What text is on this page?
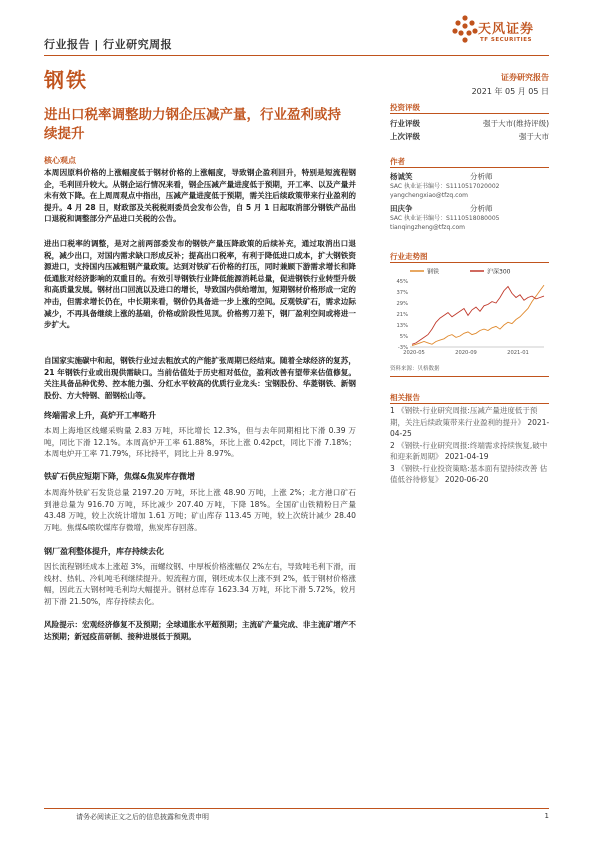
行业报告 | 行业研究周报
天风证券
TF SECURITIES
钢铁	证券研究报告
2021 年 05 月 05 日
进出口税率调整助力钢企压减产量，行业盈利或持续提升
投资评级
行业评级	强于大市(维持评级)
上次评级	强于大市
作者
杨诚笑	分析师
SAC 执业证书编号：S1110517020002
yangchengxiao@tfzq.com
田庆争	分析师
SAC 执业证书编号：S1110518080005
tianqingzheng@tfzq.com
行业走势图
钢铁	沪深300
45%
37%
29%
21%
13%
5%
-3%
2020-05	2020-09	2021-01
资料来源：贝格数据
相关报告
1 《钢铁-行业研究周报:压减产量进度低于预期，关注后续政策带来行业盈利的提升》 2021-04-25
2 《钢铁-行业研究周报:终端需求持续恢复,破中和迎来新周期》 2021-04-19
3 《钢铁-行业投资策略:基本面有望持续改善 估值低谷待修复》 2020-06-20
核心观点
本周因原料价格的上涨幅度低于钢材价格的上涨幅度，导致钢企盈利回升，特别是短流程钢企，毛利回升较大。从钢企运行情况来看，钢企压减产量进度低于预期，开工率、以及产量并未有效下降。在上周周观点中指出，压减产量进度低于预期，需关注后续政策带来行业盈利的提升。4 月 28 日，财政部及关税税则委员会发布公告，自 5 月 1 日起取消部分钢铁产品出口退税和调整部分产品进口关税的公告。
进出口税率的调整，是对之前两部委发布的钢铁产量压降政策的后续补充，通过取消出口退税，减少出口，对国内需求缺口形成反补；提高出口税率，有利于降低进口成本，扩大钢铁资源进口，支持国内压减粗钢产量政策。达到对铁矿石价格的打压，同时兼顾下游需求增长和降低通胀对经济影响的双重目的。有效引导钢铁行业降低能源消耗总量，促进钢铁行业转型升级和高质量发展。钢材出口回流以及进口的增长，导致国内供给增加，短期钢材价格形成一定的冲击，但需求增长仍在，中长期来看，钢价仍具备进一步上涨的空间。反观铁矿石，需求边际减少，不再具备继续上涨的基础，价格或阶段性见顶。价格剪刀差下，钢厂盈利空间或将进一步扩大。
自国家实施碳中和起，钢铁行业过去粗放式的产能扩张周期已经结束。随着全球经济的复苏，21 年钢铁行业或出现供需缺口。当前估值处于历史相对低位，盈利改善有望带来估值修复。关注具备品种优势、控本能力强、分红水平较高的优质行业龙头：宝钢股份、华菱钢铁、新钢股份、方大特钢、韶钢松山等。
终端需求上升，高炉开工率略升
本周上海地区线螺采购量 2.83 万吨，环比增长 12.3%，但与去年同期相比下滑 0.39 万吨，同比下滑 12.1%。本周高炉开工率 61.88%，环比上涨 0.42pct，同比下滑 7.18%；本周电炉开工率 71.79%，环比持平，同比上升 8.97%。
铁矿石供应短期下降，焦煤&焦炭库存微增
本周海外铁矿石发货总量 2197.20 万吨，环比上涨 48.90 万吨，上涨 2%；北方港口矿石到港总量为 916.70 万吨，环比减少 207.40 万吨，下降 18%。全国矿山铁精粉日产量 43.48 万吨，较上次统计增加 1.61 万吨；矿山库存 113.45 万吨，较上次统计减少 28.40 万吨。焦煤&喷吹煤库存微增，焦炭库存回落。
钢厂盈利整体提升，库存持续去化
因长流程钢坯成本上涨超 3%，而螺纹钢、中厚板价格涨幅仅 2%左右，导致吨毛利下滑，而线材、热轧、冷轧吨毛利继续提升。短流程方面，钢坯成本仅上涨不到 2%，低于钢材价格涨幅，因此五大钢材吨毛利均大幅提升。钢材总库存 1623.34 万吨，环比下滑 5.72%，较月初下滑 21.50%，库存持续去化。
风险提示：宏观经济修复不及预期；全球通胀水平超预期；主流矿产量完成、非主流矿增产不达预期；新冠疫苗研制、接种进展低于预期。
请务必阅读正文之后的信息披露和免责申明	1
